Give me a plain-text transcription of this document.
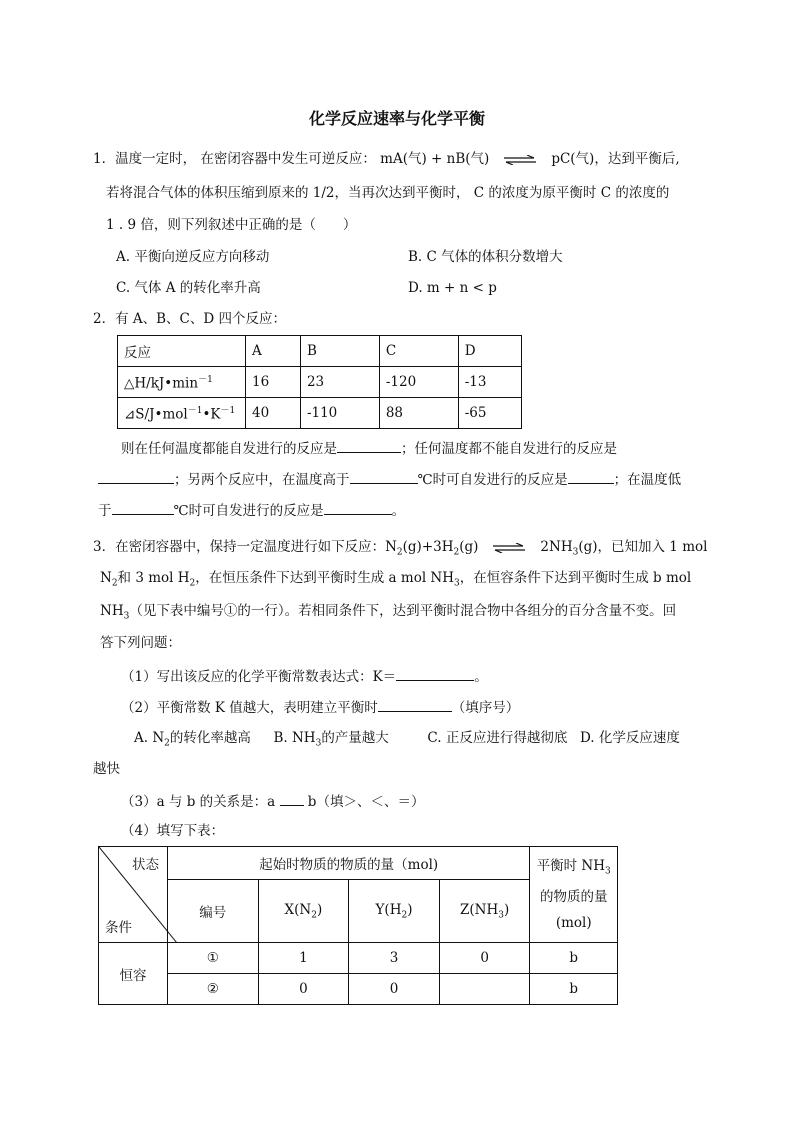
化学反应速率与化学平衡
1．温度一定时， 在密闭容器中发生可逆反应： mA(气) + nB(气) ⇌ pC(气)，达到平衡后,
若将混合气体的体积压缩到原来的 1/2，当再次达到平衡时， C 的浓度为原平衡时 C 的浓度的
1 . 9 倍，则下列叙述中正确的是（　　）
A. 平衡向逆反应方向移动	B. C 气体的体积分数增大
C. 气体 A 的转化率升高	D. m + n < p
2．有 A、B、C、D 四个反应：
反应	A	B	C	D
$\triangle H/kJ•\min^{-1}$	16	23	-120	-13
$⊿S/J•mol^{-1}•K^{-1}$	40	-110	88	-65
则在任何温度都能自发进行的反应是	；任何温度都不能自发进行的反应是
；另两个反应中，在温度高于	℃时可自发进行的反应是	；在温度低
于	℃时可自发进行的反应是	。
3．在密闭容器中，保持一定温度进行如下反应：$N_2(g)+3H_2(g)$ ⇌ $2NH_3(g)$，已知加入 1 mol
$N_2$和 3 mol $H_2$，在恒压条件下达到平衡时生成 a mol $NH_3$，在恒容条件下达到平衡时生成 b mol
$NH_3$（见下表中编号①的一行）。若相同条件下，达到平衡时混合物中各组分的百分含量不变。回
答下列问题：
（1）写出该反应的化学平衡常数表达式：K＝	。
（2）平衡常数 K 值越大，表明建立平衡时	（填序号）
A. $N_2$的转化率越高 B. $NH_3$的产量越大	C. 正反应进行得越彻底 D. 化学反应速度
越快
（3）a 与 b 的关系是：a b（填＞、＜、＝）
（4）填写下表：
状态
条件	起始时物质的物质的量（mol)				平衡时 $NH_3$
的物质的量
(mol)
	编号	$X(N_2)$	$Y(H_2)$	$Z(NH_3)$	
恒容	①	1	3	0	b
	②	0	0		b
